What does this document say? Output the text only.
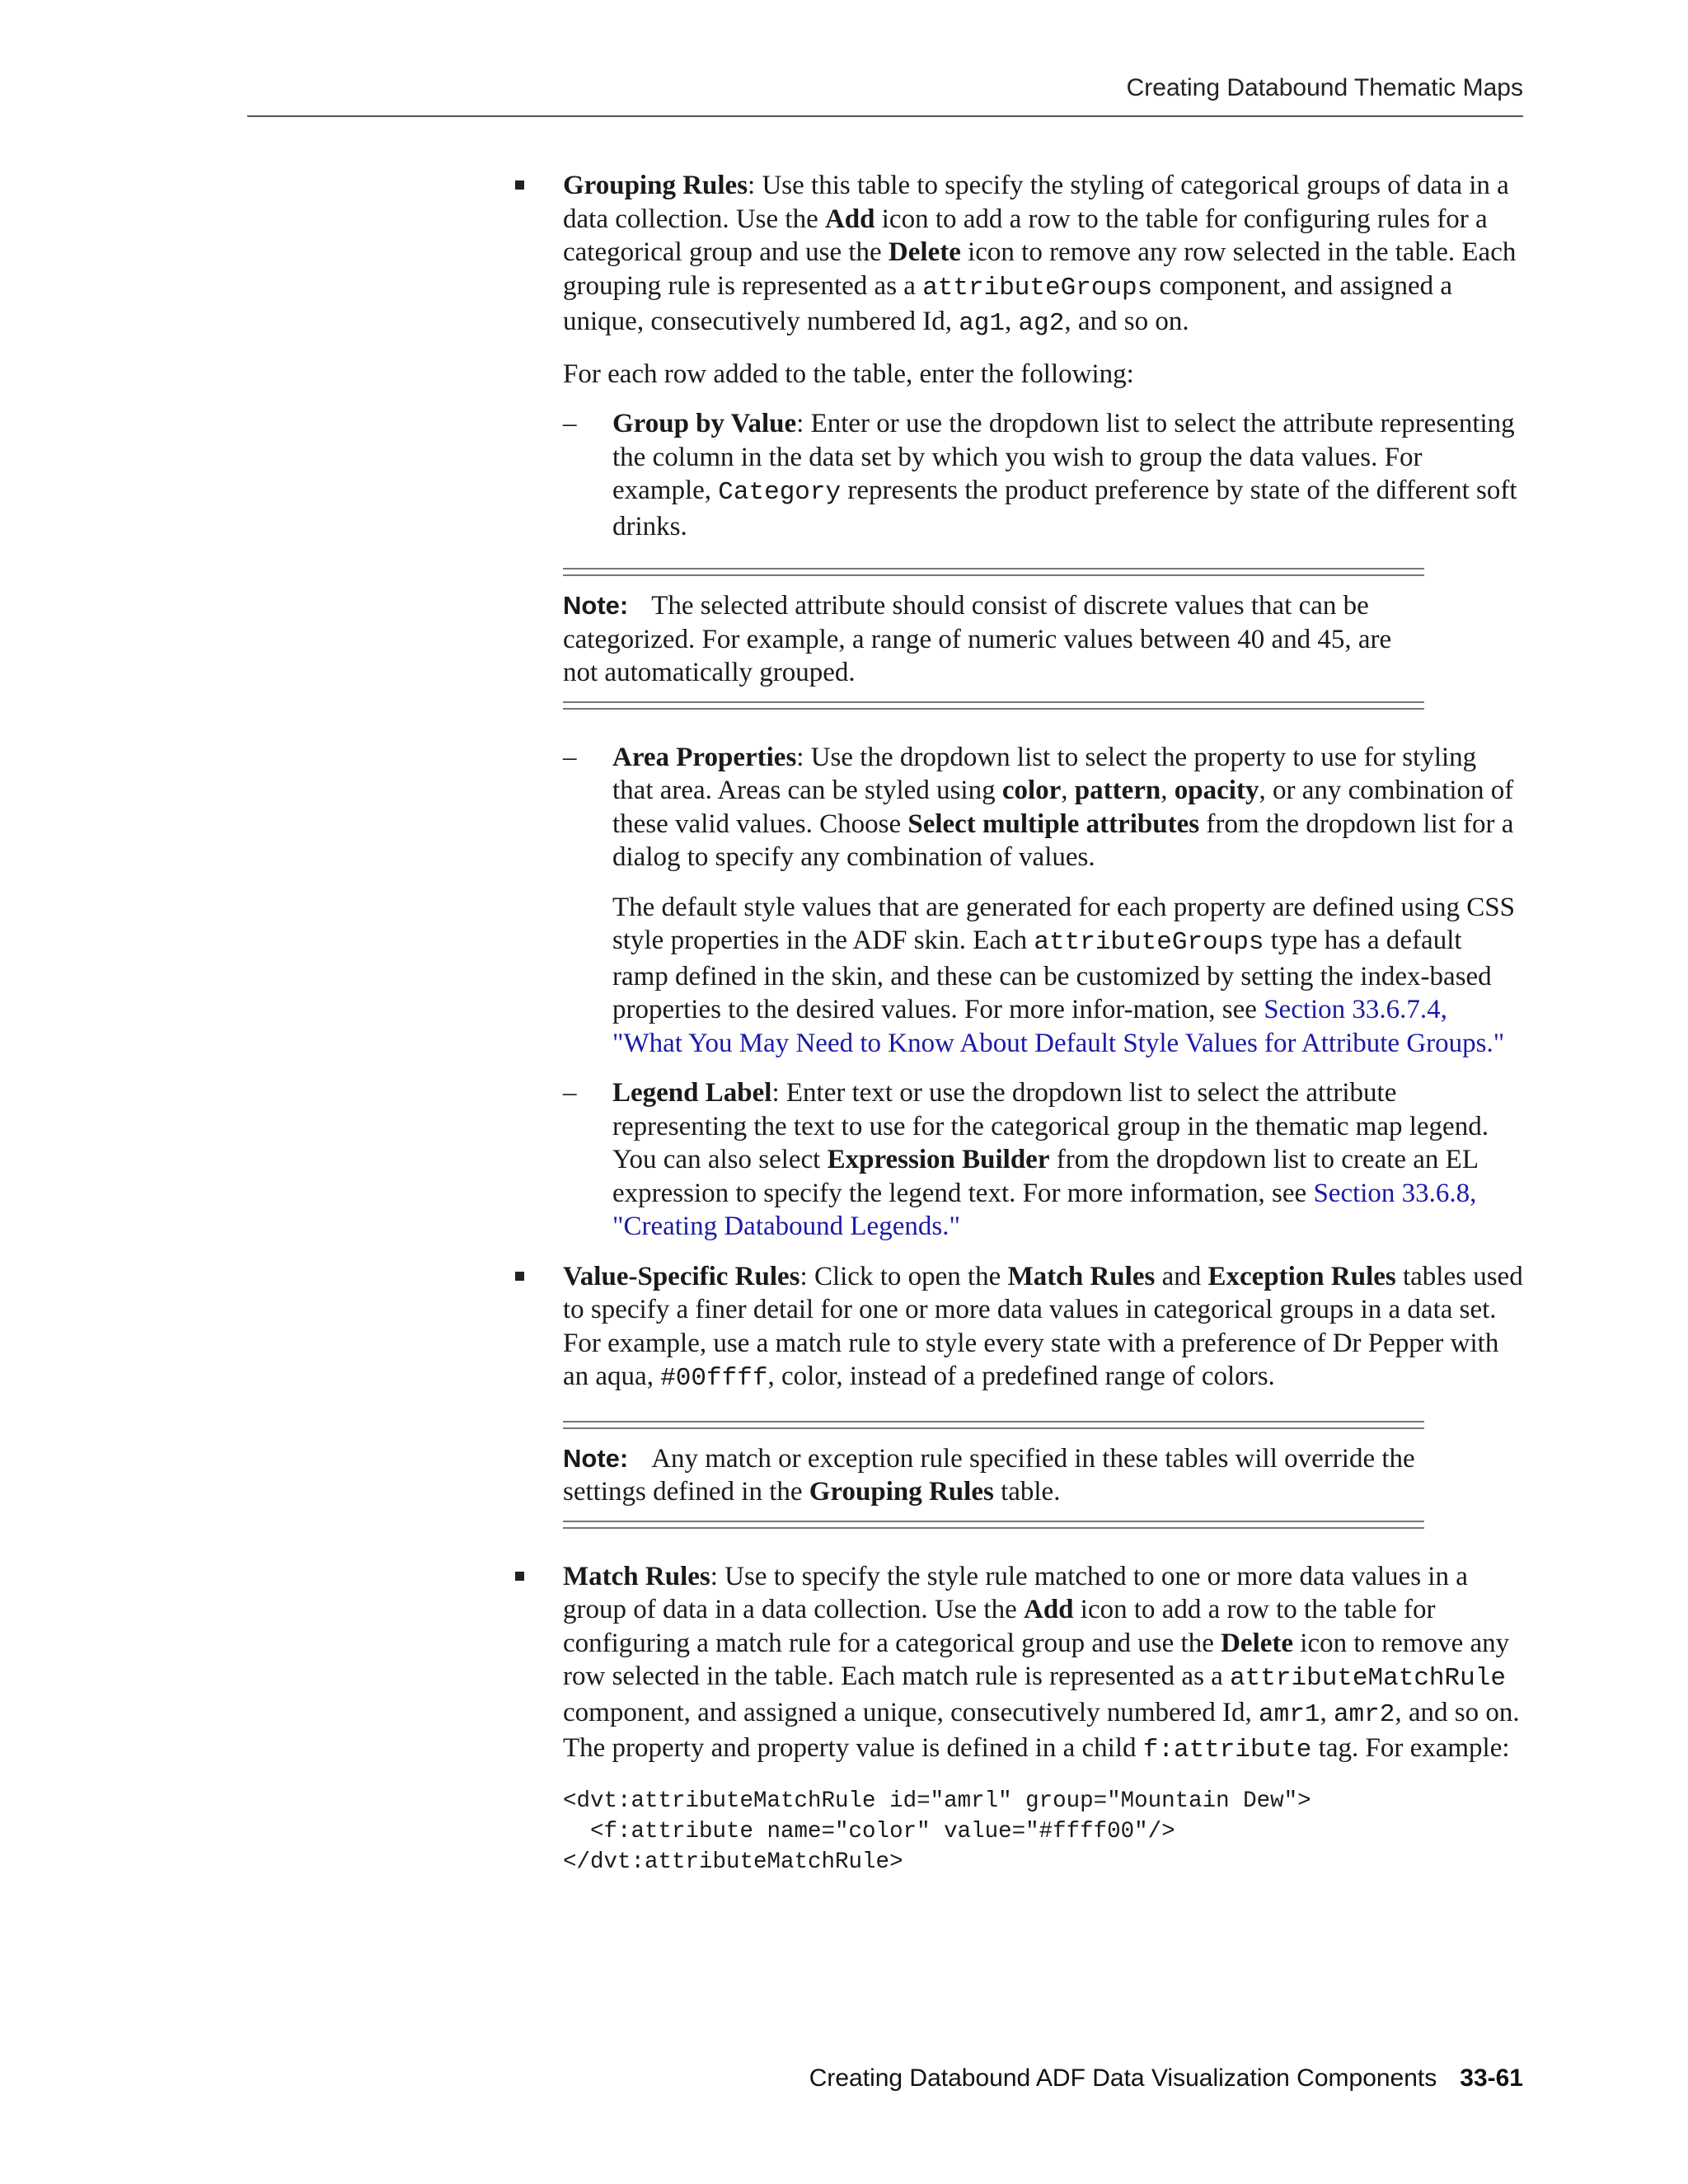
Creating Databound Thematic Maps

Grouping Rules: Use this table to specify the styling of categorical groups of data in a data collection. Use the Add icon to add a row to the table for configuring rules for a categorical group and use the Delete icon to remove any row selected in the table. Each grouping rule is represented as a attributeGroups component, and assigned a unique, consecutively numbered Id, ag1, ag2, and so on.

For each row added to the table, enter the following:

– Group by Value: Enter or use the dropdown list to select the attribute representing the column in the data set by which you wish to group the data values. For example, Category represents the product preference by state of the different soft drinks.

Note: The selected attribute should consist of discrete values that can be categorized. For example, a range of numeric values between 40 and 45, are not automatically grouped.
– Area Properties: Use the dropdown list to select the property to use for styling that area. Areas can be styled using color, pattern, opacity, or any combination of these valid values. Choose Select multiple attributes from the dropdown list for a dialog to specify any combination of values.

The default style values that are generated for each property are defined using CSS style properties in the ADF skin. Each attributeGroups type has a default ramp defined in the skin, and these can be customized by setting the index-based properties to the desired values. For more infor-mation, see Section 33.6.7.4, "What You May Need to Know About Default Style Values for Attribute Groups."

– Legend Label: Enter text or use the dropdown list to select the attribute representing the text to use for the categorical group in the thematic map legend. You can also select Expression Builder from the dropdown list to create an EL expression to specify the legend text. For more information, see Section 33.6.8, "Creating Databound Legends."

Value-Specific Rules: Click to open the Match Rules and Exception Rules tables used to specify a finer detail for one or more data values in categorical groups in a data set. For example, use a match rule to style every state with a preference of Dr Pepper with an aqua, #00ffff, color, instead of a predefined range of colors.

Note: Any match or exception rule specified in these tables will override the settings defined in the Grouping Rules table.

Match Rules: Use to specify the style rule matched to one or more data values in a group of data in a data collection. Use the Add icon to add a row to the table for configuring a match rule for a categorical group and use the Delete icon to remove any row selected in the table. Each match rule is represented as a attributeMatchRule component, and assigned a unique, consecutively numbered Id, amr1, amr2, and so on. The property and property value is defined in a child f:attribute tag. For example:

<dvt:attributeMatchRule id="amrl" group="Mountain Dew">
<f:attribute name="color" value="#ffff00"/>
</dvt:attributeMatchRule>
Creating Databound ADF Data Visualization Components 33-61
